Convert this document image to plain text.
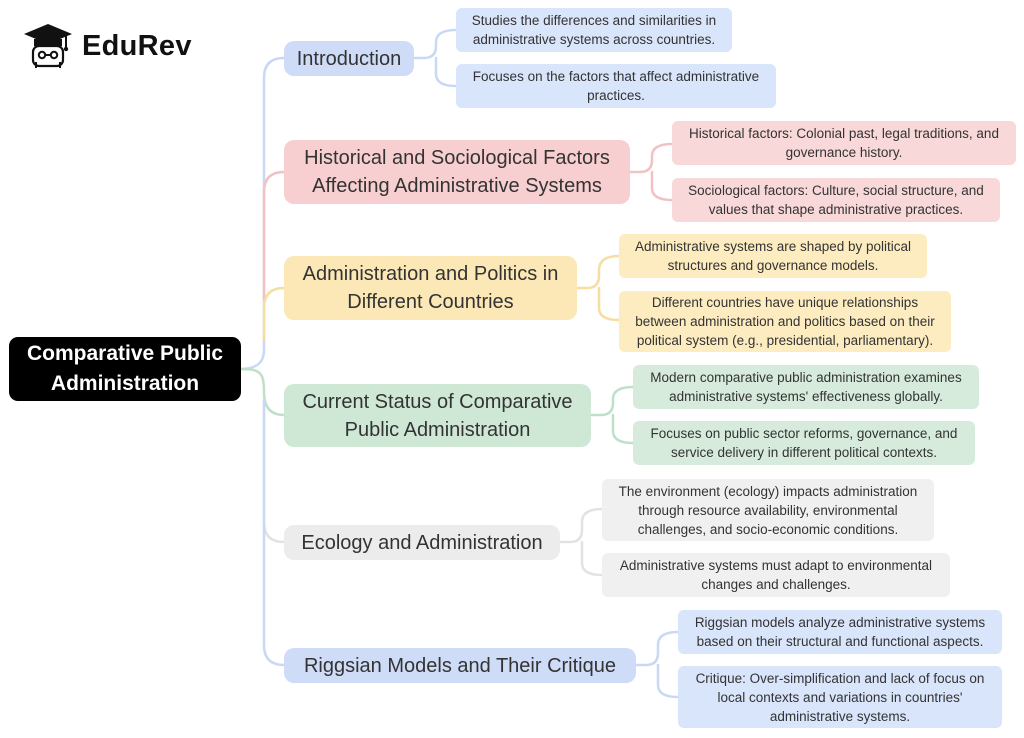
EduRev
Comparative Public Administration
Introduction
Studies the differences and similarities in administrative systems across countries.
Focuses on the factors that affect administrative practices.
Historical and Sociological Factors Affecting Administrative Systems
Historical factors: Colonial past, legal traditions, and governance history.
Sociological factors: Culture, social structure, and values that shape administrative practices.
Administration and Politics in Different Countries
Administrative systems are shaped by political structures and governance models.
Different countries have unique relationships between administration and politics based on their political system (e.g., presidential, parliamentary).
Current Status of Comparative Public Administration
Modern comparative public administration examines administrative systems' effectiveness globally.
Focuses on public sector reforms, governance, and service delivery in different political contexts.
Ecology and Administration
The environment (ecology) impacts administration through resource availability, environmental challenges, and socio-economic conditions.
Administrative systems must adapt to environmental changes and challenges.
Riggsian Models and Their Critique
Riggsian models analyze administrative systems based on their structural and functional aspects.
Critique: Over-simplification and lack of focus on local contexts and variations in countries' administrative systems.
